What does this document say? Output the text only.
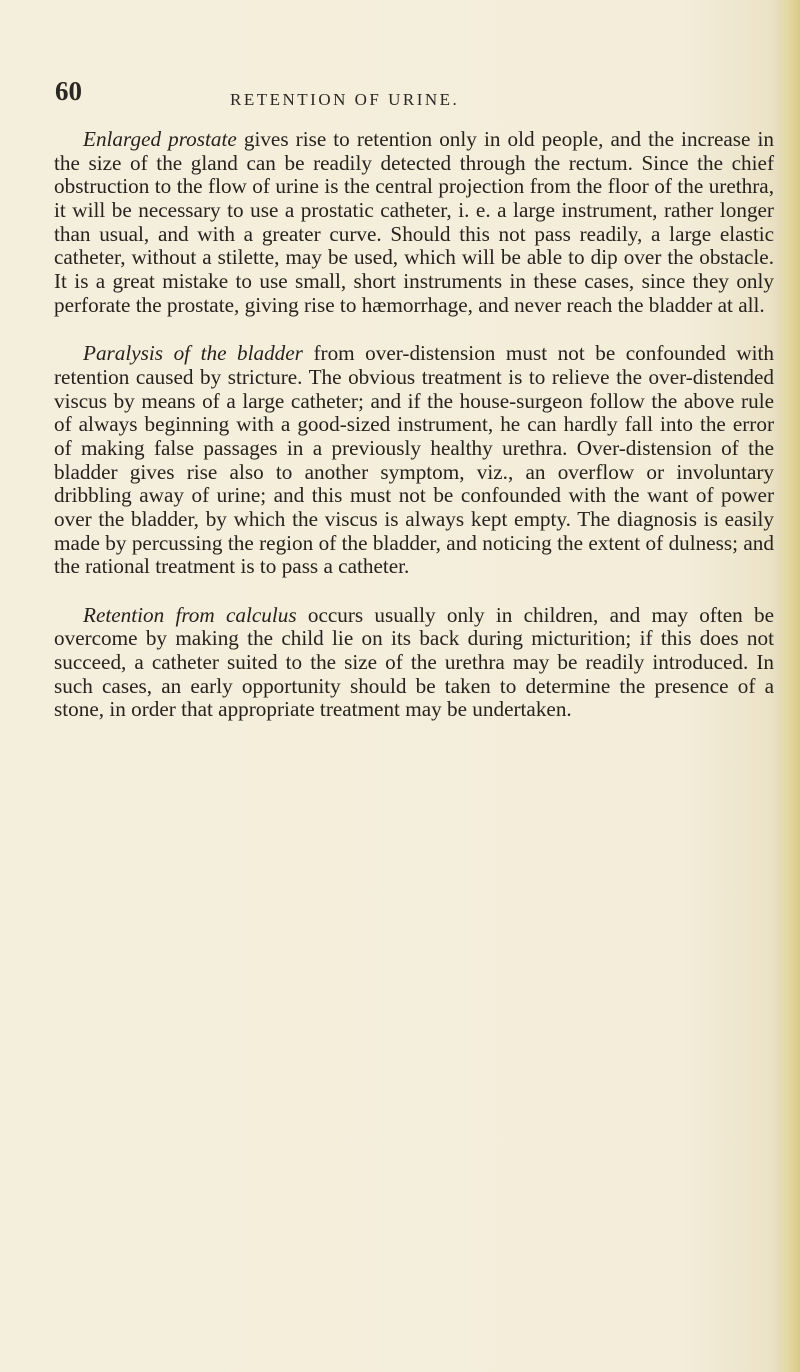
60	RETENTION OF URINE.

Enlarged prostate gives rise to retention only in old people, and the increase in the size of the gland can be readily detected through the rectum. Since the chief obstruction to the flow of urine is the central projection from the floor of the urethra, it will be necessary to use a prostatic catheter, i. e. a large instrument, rather longer than usual, and with a greater curve. Should this not pass readily, a large elastic catheter, without a stilette, may be used, which will be able to dip over the obstacle. It is a great mistake to use small, short instruments in these cases, since they only perforate the prostate, giving rise to hæmorrhage, and never reach the bladder at all.

Paralysis of the bladder from over-distension must not be confounded with retention caused by stricture. The obvious treatment is to relieve the over-distended viscus by means of a large catheter; and if the house-surgeon follow the above rule of always beginning with a good-sized instrument, he can hardly fall into the error of making false passages in a previously healthy urethra. Over-distension of the bladder gives rise also to another symptom, viz., an overflow or involuntary dribbling away of urine; and this must not be confounded with the want of power over the bladder, by which the viscus is always kept empty. The diagnosis is easily made by percussing the region of the bladder, and noticing the extent of dulness; and the rational treatment is to pass a catheter.

Retention from calculus occurs usually only in children, and may often be overcome by making the child lie on its back during micturition; if this does not succeed, a catheter suited to the size of the urethra may be readily introduced. In such cases, an early opportunity should be taken to determine the presence of a stone, in order that appropriate treatment may be undertaken.
